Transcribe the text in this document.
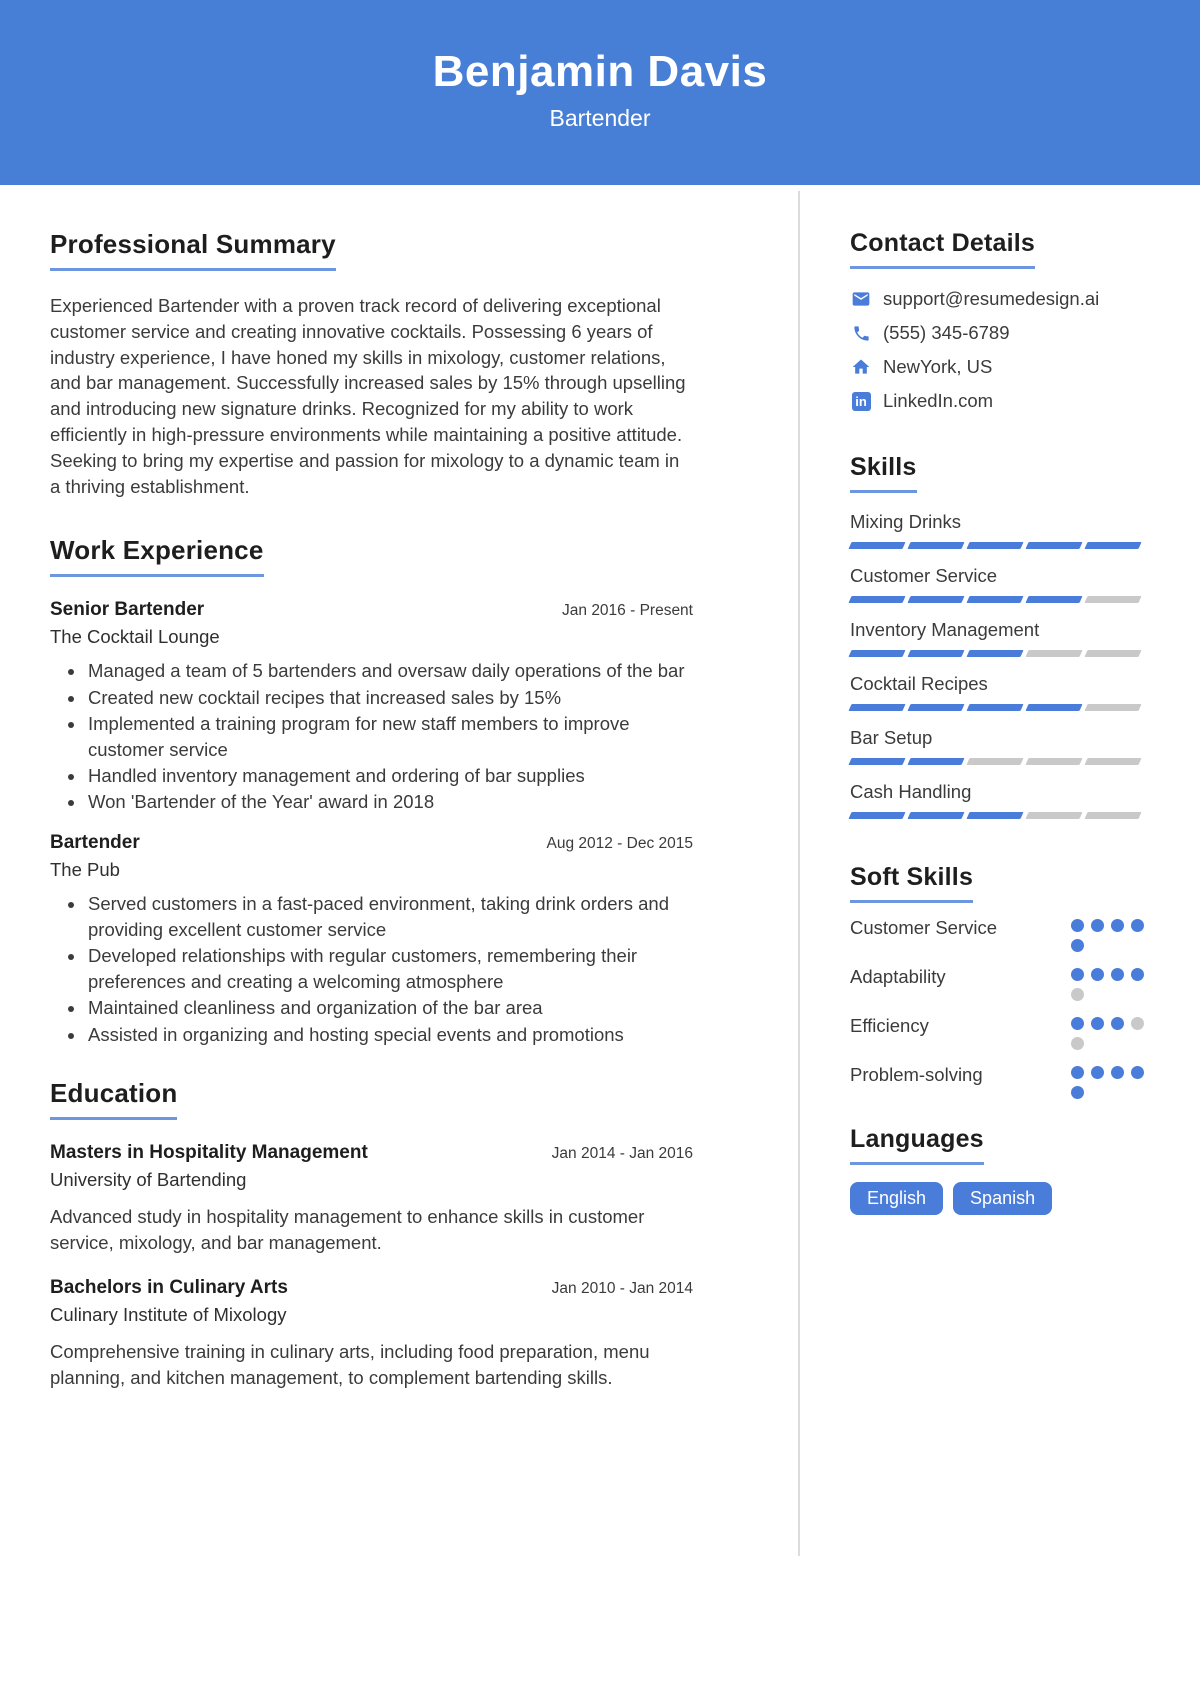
Benjamin Davis
Bartender
Professional Summary

Experienced Bartender with a proven track record of delivering exceptional customer service and creating innovative cocktails. Possessing 6 years of industry experience, I have honed my skills in mixology, customer relations, and bar management. Successfully increased sales by 15% through upselling and introducing new signature drinks. Recognized for my ability to work efficiently in high-pressure environments while maintaining a positive attitude. Seeking to bring my expertise and passion for mixology to a dynamic team in a thriving establishment.

Work Experience
Senior Bartender	Jan 2016 - Present
The Cocktail Lounge
• Managed a team of 5 bartenders and oversaw daily operations of the bar
• Created new cocktail recipes that increased sales by 15%
• Implemented a training program for new staff members to improve customer service
• Handled inventory management and ordering of bar supplies
• Won 'Bartender of the Year' award in 2018
Bartender	Aug 2012 - Dec 2015
The Pub
• Served customers in a fast-paced environment, taking drink orders and providing excellent customer service
• Developed relationships with regular customers, remembering their preferences and creating a welcoming atmosphere
• Maintained cleanliness and organization of the bar area
• Assisted in organizing and hosting special events and promotions
Education
Masters in Hospitality Management	Jan 2014 - Jan 2016
University of Bartending

Advanced study in hospitality management to enhance skills in customer service, mixology, and bar management.

Bachelors in Culinary Arts	Jan 2010 - Jan 2014
Culinary Institute of Mixology

Comprehensive training in culinary arts, including food preparation, menu planning, and kitchen management, to complement bartending skills.

Contact Details
support@resumedesign.ai
(555) 345-6789
NewYork, US
in LinkedIn.com
Skills
Mixing Drinks
Customer Service
Inventory Management
Cocktail Recipes
Bar Setup
Cash Handling
Soft Skills
Customer Service
Adaptability
Efficiency
Problem-solving
Languages
English	Spanish
